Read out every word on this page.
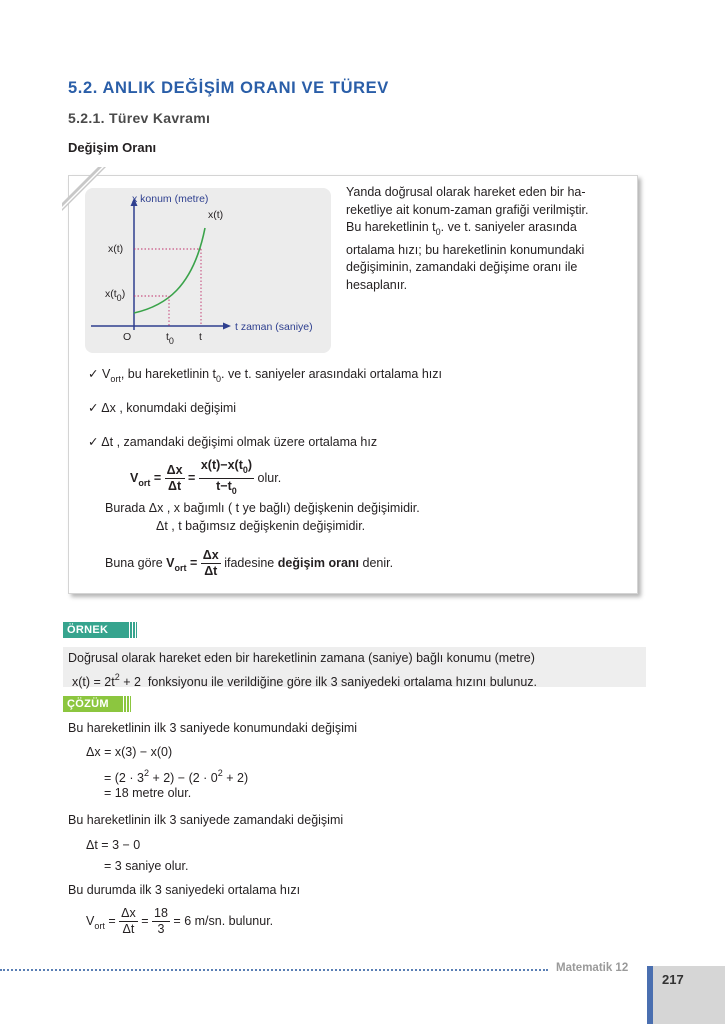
5.2. ANLIK DEĞİŞİM ORANI VE TÜREV
5.2.1. Türev Kavramı
Değişim Oranı
x konum (metre)
x(t)
x(t)
x(t0)
O	t0 t
t zaman (saniye)
Yanda doğrusal olarak hareket eden bir ha-
reketliye ait konum-zaman grafiği verilmiştir.
Bu hareketlinin $t_0$. ve t. saniyeler arasında
ortalama hızı; bu hareketlinin konumundaki
değişiminin, zamandaki değişime oranı ile
hesaplanır.
✓ $V_{ort}$, bu hareketlinin $t_0$. ve t. saniyeler arasındaki ortalama hızı
✓ Δx , konumdaki değişimi
✓ Δt , zamandaki değişimi olmak üzere ortalama hız
$V_{ort} = \frac{\Delta x}{\Delta t} = \frac{x(t)-x(t_0)}{t-t_0}$ olur.
Burada Δx , x bağımlı ( t ye bağlı) değişkenin değişimidir.
Δt , t bağımsız değişkenin değişimidir.
Buna göre $V_{ort} = \frac{\Delta x}{\Delta t}$ ifadesine değişim oranı denir.
ÖRNEK
Doğrusal olarak hareket eden bir hareketlinin zamana (saniye) bağlı konumu (metre)
$x(t) = 2t^2 + 2$ fonksiyonu ile verildiğine göre ilk 3 saniyedeki ortalama hızını bulunuz.
ÇÖZÜM
Bu hareketlinin ilk 3 saniyede konumundaki değişimi
Δx = x(3) − x(0)
= $(2 \cdot 3^2 + 2) - (2 \cdot 0^2 + 2)$
= 18 metre olur.
Bu hareketlinin ilk 3 saniyede zamandaki değişimi
Δt = 3 − 0
= 3 saniye olur.
Bu durumda ilk 3 saniyedeki ortalama hızı
$V_{ort} = \frac{\Delta x}{\Delta t} = \frac{18}{3} = 6$ m/sn. bulunur.
Matematik 12
217
